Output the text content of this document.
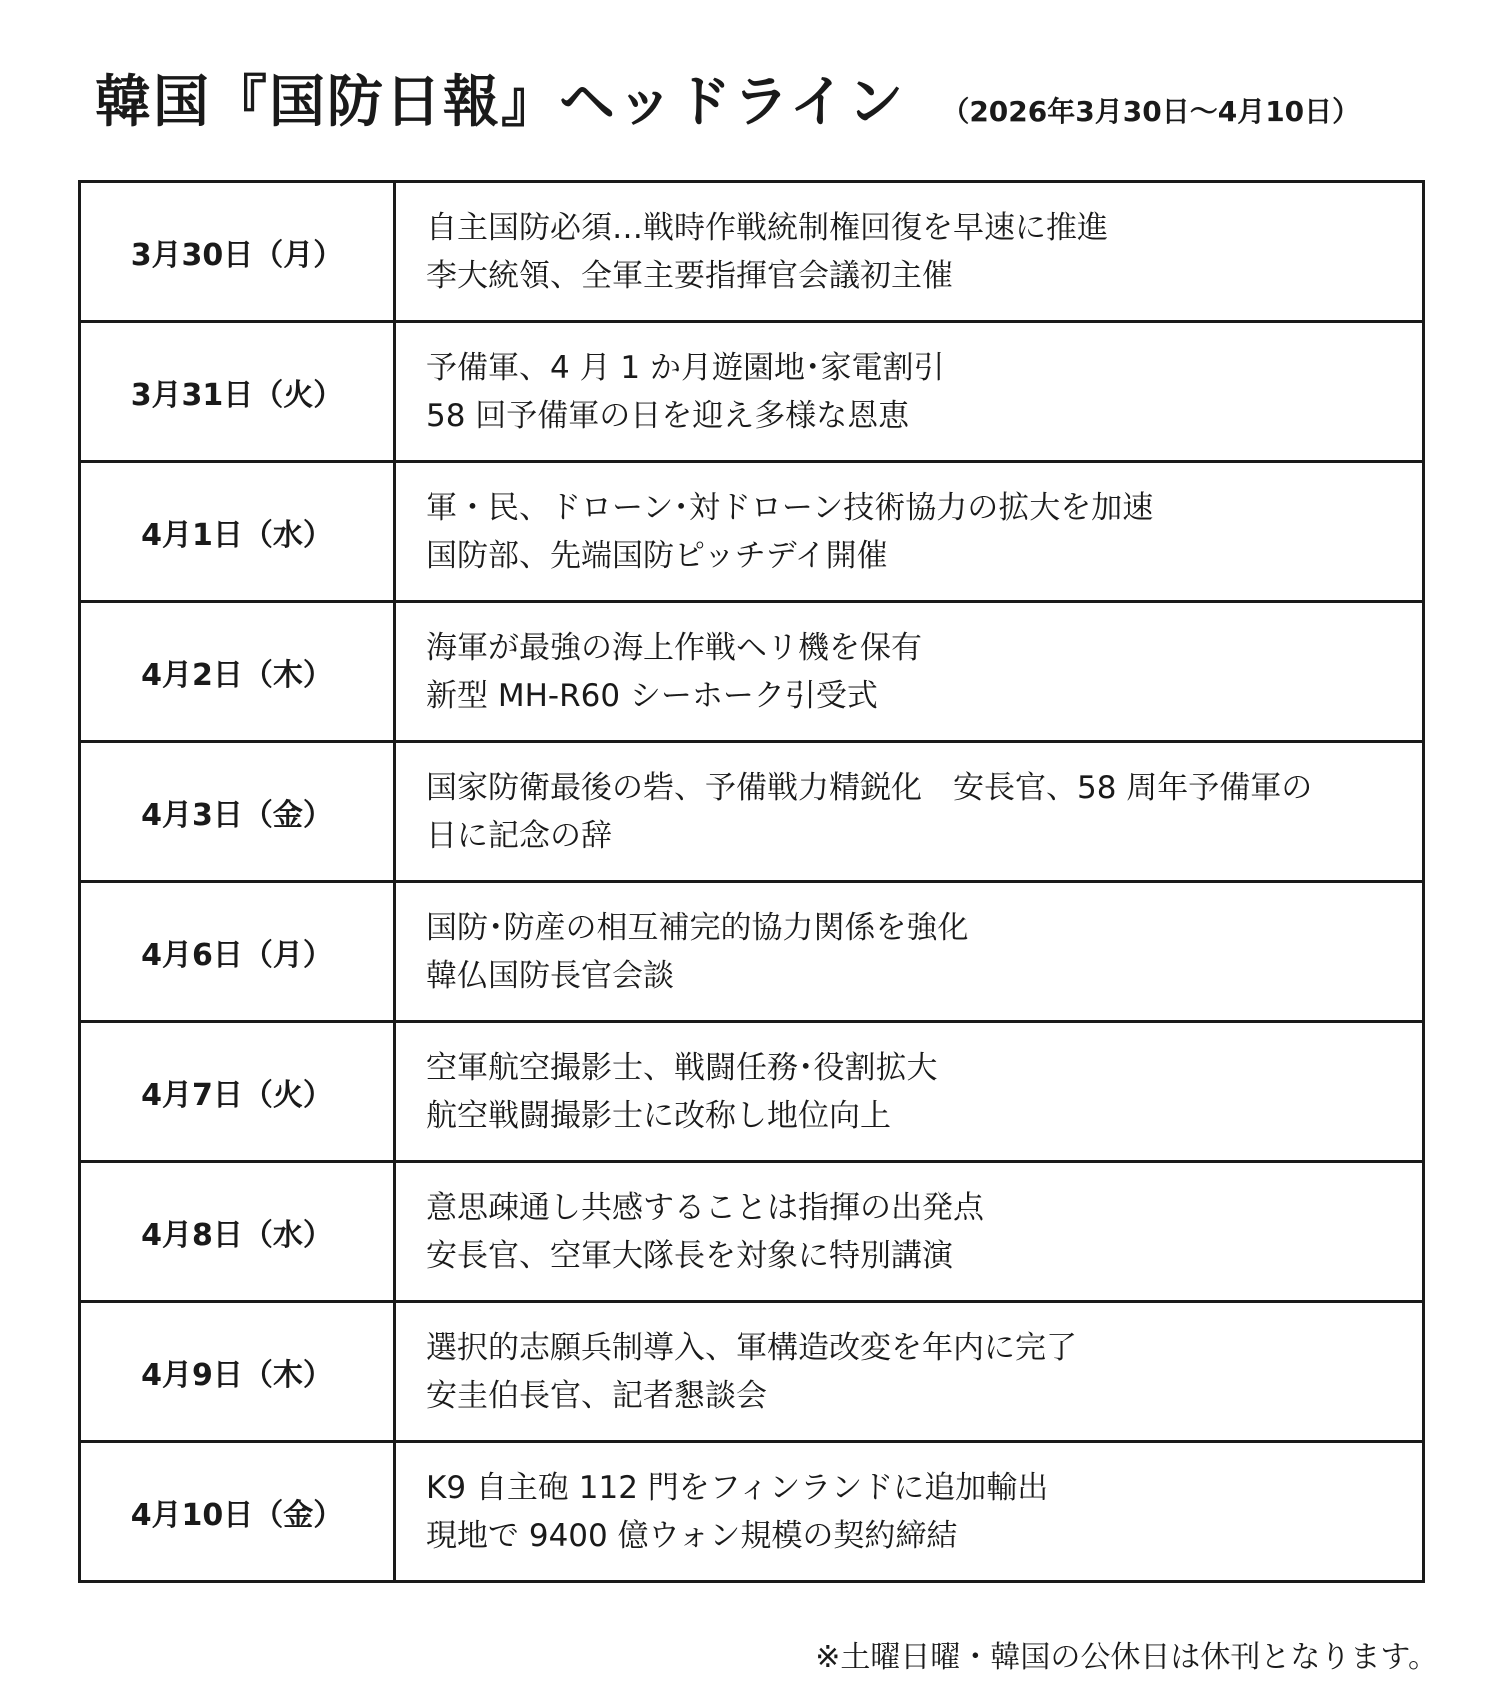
韓国『国防日報』ヘッドライン （2026年3月30日～4月10日）
3月30日（月）	自主国防必須…戦時作戦統制権回復を早速に推進
李大統領、全軍主要指揮官会議初主催

3月31日（火）	予備軍、4 月 1 か月遊園地･家電割引
58 回予備軍の日を迎え多様な恩恵

4月1日（水）	軍・民、ドローン･対ドローン技術協力の拡大を加速
国防部、先端国防ピッチデイ開催

4月2日（木）	海軍が最強の海上作戦ヘリ機を保有
新型 MH-R60 シーホーク引受式

4月3日（金）	国家防衛最後の砦、予備戦力精鋭化　安長官、58 周年予備軍の
日に記念の辞

4月6日（月）	国防･防産の相互補完的協力関係を強化
韓仏国防長官会談

4月7日（火）	空軍航空撮影士、戦闘任務･役割拡大
航空戦闘撮影士に改称し地位向上

4月8日（水）	意思疎通し共感することは指揮の出発点
安長官、空軍大隊長を対象に特別講演

4月9日（木）	選択的志願兵制導入、軍構造改変を年内に完了
安圭伯長官、記者懇談会

4月10日（金）	K9 自主砲 112 門をフィンランドに追加輸出
現地で 9400 億ウォン規模の契約締結
※土曜日曜・韓国の公休日は休刊となります。
